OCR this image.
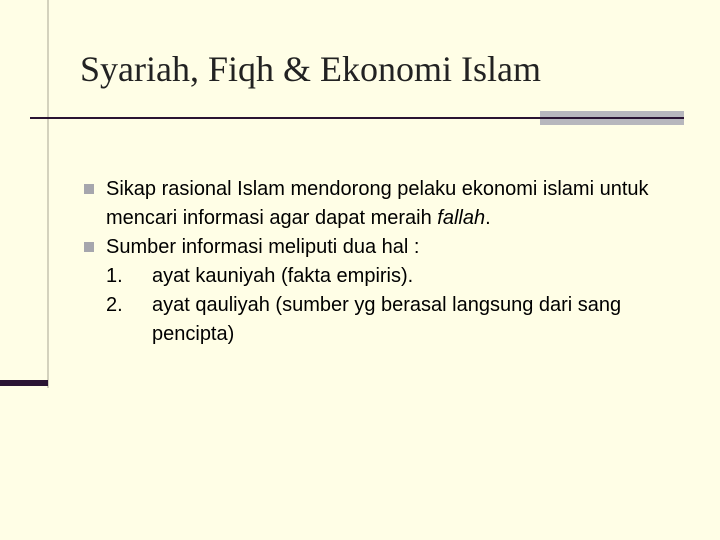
Syariah, Fiqh & Ekonomi Islam
Sikap rasional Islam mendorong pelaku ekonomi islami untuk mencari informasi agar dapat meraih fallah.
Sumber informasi meliputi dua hal :
1. ayat kauniyah (fakta empiris).
2. ayat qauliyah (sumber yg berasal langsung dari sang pencipta)
